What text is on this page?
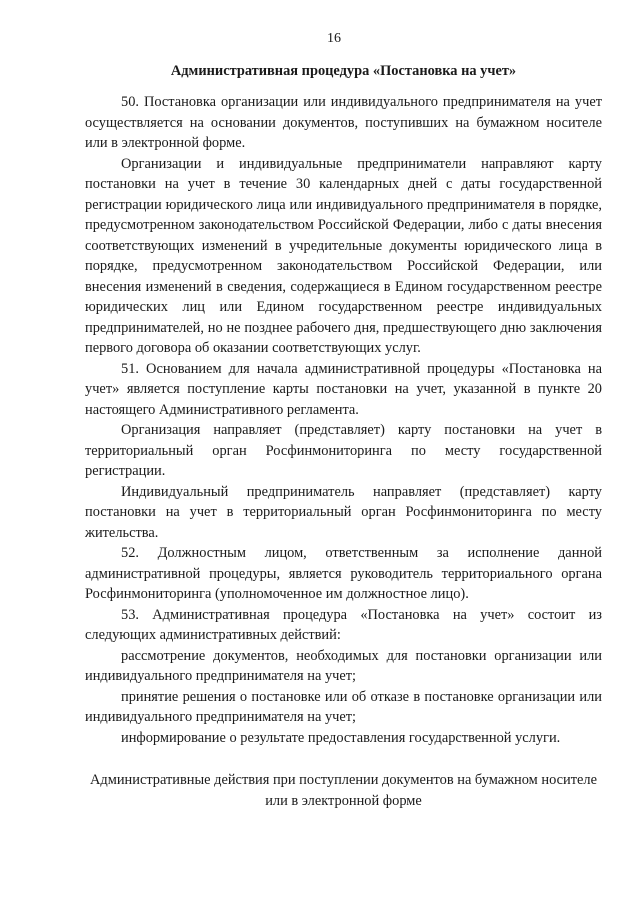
16
Административная процедура «Постановка на учет»

50. Постановка организации или индивидуального предпринимателя на учет осуществляется на основании документов, поступивших на бумажном носителе или в электронной форме.

Организации и индивидуальные предприниматели направляют карту постановки на учет в течение 30 календарных дней с даты государственной регистрации юридического лица или индивидуального предпринимателя в порядке, предусмотренном законодательством Российской Федерации, либо с даты внесения соответствующих изменений в учредительные документы юридического лица в порядке, предусмотренном законодательством Российской Федерации, или внесения изменений в сведения, содержащиеся в Едином государственном реестре юридических лиц или Едином государственном реестре индивидуальных предпринимателей, но не позднее рабочего дня, предшествующего дню заключения первого договора об оказании соответствующих услуг.

51. Основанием для начала административной процедуры «Постановка на учет» является поступление карты постановки на учет, указанной в пункте 20 настоящего Административного регламента.

Организация направляет (представляет) карту постановки на учет в территориальный орган Росфинмониторинга по месту государственной регистрации.

Индивидуальный предприниматель направляет (представляет) карту постановки на учет в территориальный орган Росфинмониторинга по месту жительства.

52. Должностным лицом, ответственным за исполнение данной административной процедуры, является руководитель территориального органа Росфинмониторинга (уполномоченное им должностное лицо).

53. Административная процедура «Постановка на учет» состоит из следующих административных действий:

рассмотрение документов, необходимых для постановки организации или индивидуального предпринимателя на учет;

принятие решения о постановке или об отказе в постановке организации или индивидуального предпринимателя на учет;

информирование о результате предоставления государственной услуги.

Административные действия при поступлении документов на бумажном носителе или в электронной форме
